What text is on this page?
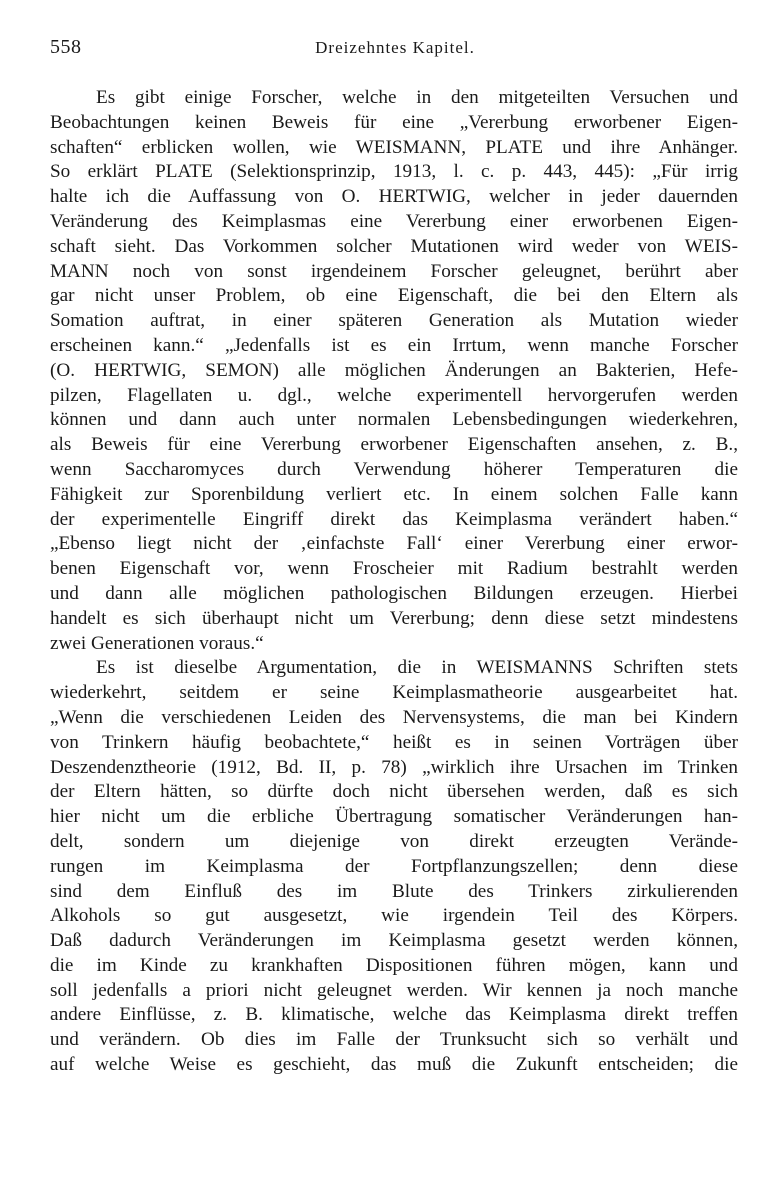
558	Dreizehntes Kapitel.
Es gibt einige Forscher, welche in den mitgeteilten Versuchen und
Beobachtungen keinen Beweis für eine „Vererbung erworbener Eigen-
schaften“ erblicken wollen, wie WEISMANN, PLATE und ihre Anhänger.
So erklärt PLATE (Selektionsprinzip, 1913, l. c. p. 443, 445): „Für irrig
halte ich die Auffassung von O. HERTWIG, welcher in jeder dauernden
Veränderung des Keimplasmas eine Vererbung einer erworbenen Eigen-
schaft sieht. Das Vorkommen solcher Mutationen wird weder von WEIS-
MANN noch von sonst irgendeinem Forscher geleugnet, berührt aber
gar nicht unser Problem, ob eine Eigenschaft, die bei den Eltern als
Somation auftrat, in einer späteren Generation als Mutation wieder
erscheinen kann.“ „Jedenfalls ist es ein Irrtum, wenn manche Forscher
(O. HERTWIG, SEMON) alle möglichen Änderungen an Bakterien, Hefe-
pilzen, Flagellaten u. dgl., welche experimentell hervorgerufen werden
können und dann auch unter normalen Lebensbedingungen wiederkehren,
als Beweis für eine Vererbung erworbener Eigenschaften ansehen, z. B.,
wenn Saccharomyces durch Verwendung höherer Temperaturen die
Fähigkeit zur Sporenbildung verliert etc. In einem solchen Falle kann
der experimentelle Eingriff direkt das Keimplasma verändert haben.“
„Ebenso liegt nicht der ‚einfachste Fall‘ einer Vererbung einer erwor-
benen Eigenschaft vor, wenn Froscheier mit Radium bestrahlt werden
und dann alle möglichen pathologischen Bildungen erzeugen. Hierbei
handelt es sich überhaupt nicht um Vererbung; denn diese setzt mindestens
zwei Generationen voraus.“
Es ist dieselbe Argumentation, die in WEISMANNS Schriften stets
wiederkehrt, seitdem er seine Keimplasmatheorie ausgearbeitet hat.
„Wenn die verschiedenen Leiden des Nervensystems, die man bei Kindern
von Trinkern häufig beobachtete,“ heißt es in seinen Vorträgen über
Deszendenztheorie (1912, Bd. II, p. 78) „wirklich ihre Ursachen im Trinken
der Eltern hätten, so dürfte doch nicht übersehen werden, daß es sich
hier nicht um die erbliche Übertragung somatischer Veränderungen han-
delt, sondern um diejenige von direkt erzeugten Verände-
rungen im Keimplasma der Fortpflanzungszellen; denn diese
sind dem Einfluß des im Blute des Trinkers zirkulierenden
Alkohols so gut ausgesetzt, wie irgendein Teil des Körpers.
Daß dadurch Veränderungen im Keimplasma gesetzt werden können,
die im Kinde zu krankhaften Dispositionen führen mögen, kann und
soll jedenfalls a priori nicht geleugnet werden. Wir kennen ja noch manche
andere Einflüsse, z. B. klimatische, welche das Keimplasma direkt treffen
und verändern. Ob dies im Falle der Trunksucht sich so verhält und
auf welche Weise es geschieht, das muß die Zukunft entscheiden; die
